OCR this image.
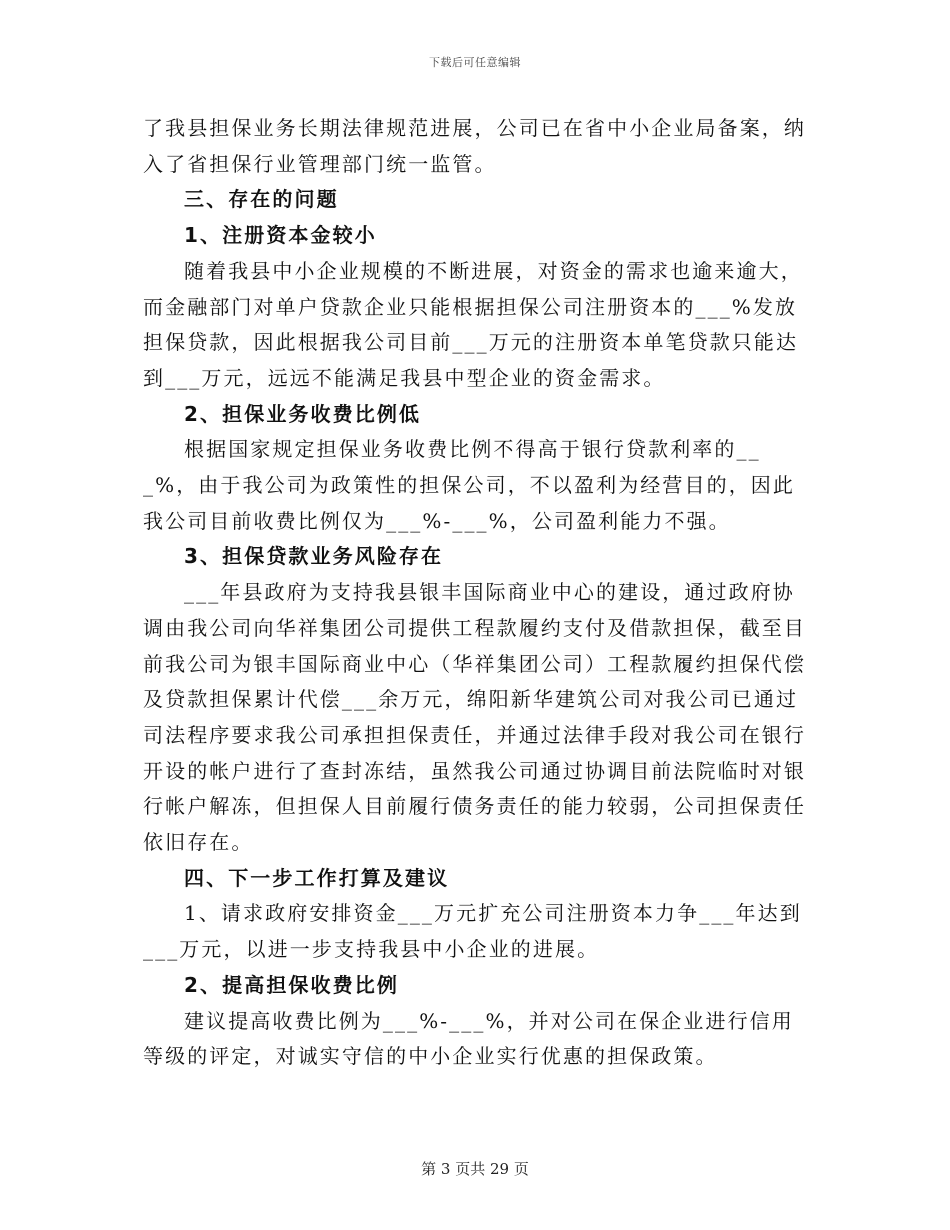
下载后可任意编辑

了我县担保业务长期法律规范进展，公司已在省中小企业局备案，纳入了省担保行业管理部门统一监管。

三、存在的问题

1、注册资本金较小

随着我县中小企业规模的不断进展，对资金的需求也逾来逾大，而金融部门对单户贷款企业只能根据担保公司注册资本的___%发放担保贷款，因此根据我公司目前___万元的注册资本单笔贷款只能达到___万元，远远不能满足我县中型企业的资金需求。

2、担保业务收费比例低

根据国家规定担保业务收费比例不得高于银行贷款利率的___%，由于我公司为政策性的担保公司，不以盈利为经营目的，因此我公司目前收费比例仅为___%-___%，公司盈利能力不强。

3、担保贷款业务风险存在

___年县政府为支持我县银丰国际商业中心的建设，通过政府协调由我公司向华祥集团公司提供工程款履约支付及借款担保，截至目前我公司为银丰国际商业中心（华祥集团公司）工程款履约担保代偿及贷款担保累计代偿___余万元，绵阳新华建筑公司对我公司已通过司法程序要求我公司承担担保责任，并通过法律手段对我公司在银行开设的帐户进行了查封冻结，虽然我公司通过协调目前法院临时对银行帐户解冻，但担保人目前履行债务责任的能力较弱，公司担保责任依旧存在。

四、下一步工作打算及建议

1、请求政府安排资金___万元扩充公司注册资本力争___年达到___万元，以进一步支持我县中小企业的进展。

2、提高担保收费比例

建议提高收费比例为___%-___%，并对公司在保企业进行信用等级的评定，对诚实守信的中小企业实行优惠的担保政策。

第 3 页共 29 页
